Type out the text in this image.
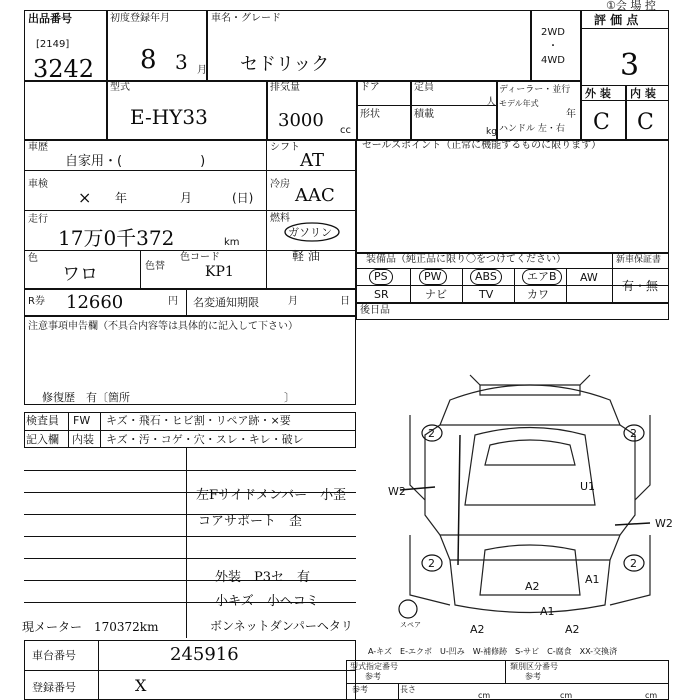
①会 場 控
出品番号
[2149]
3242
初度登録年月
8 3 月
車名・グレード
セドリック
2WD
・
4WD
評 価 点
3
外 装 内 装
C C
型式
E-HY33
排気量
3000 cc
ドア	定員
人
形状	積載
kg
ディーラー・並行
モデル年式
年
ハンドル 左・右
車歴
自家用・(　　　　　　)
シフト
AT
車検
× 年	月	(日)
冷房
AAC
走行
17万0千372	km
燃料
ガソリン
軽 油
色
ワロ	色替
色コード
KP1
R券 12660	円 名変通知期限	月	日
注意事項申告欄（不具合内容等は具体的に記入して下さい）
修復歴　有〔箇所　　　　　　　　　　　　　　〕
セールスポイント（正常に機能するものに限ります）
装備品（純正品に限り〇をつけてください）	新車保証書
有・無
PS	PW	ABS	エアB	AW
SR	ナビ	TV	カワ
後日品
検査員
記入欄
FW キズ・飛石・ヒビ割・リペア跡・×要
内装 キズ・汚・コゲ・穴・スレ・キレ・破レ
左Fサイドメンバー　小歪
コアサポート　歪
外装　P3セ　有
小キズ　小ヘコミ
ボンネットダンパーヘタリ
現メーター　170372km
車台番号	245916
登録番号	X
A-キズ　E-エクボ　U-凹み　W-補修跡　S-サビ　C-腐食　XX-交換済
型式指定番号
参考
類別区分番号
参考
参考	長さ
cm	cm	cm
2	2
2	2
U1
W2
W2
A2
A1
A1
A2	A2
スペア
